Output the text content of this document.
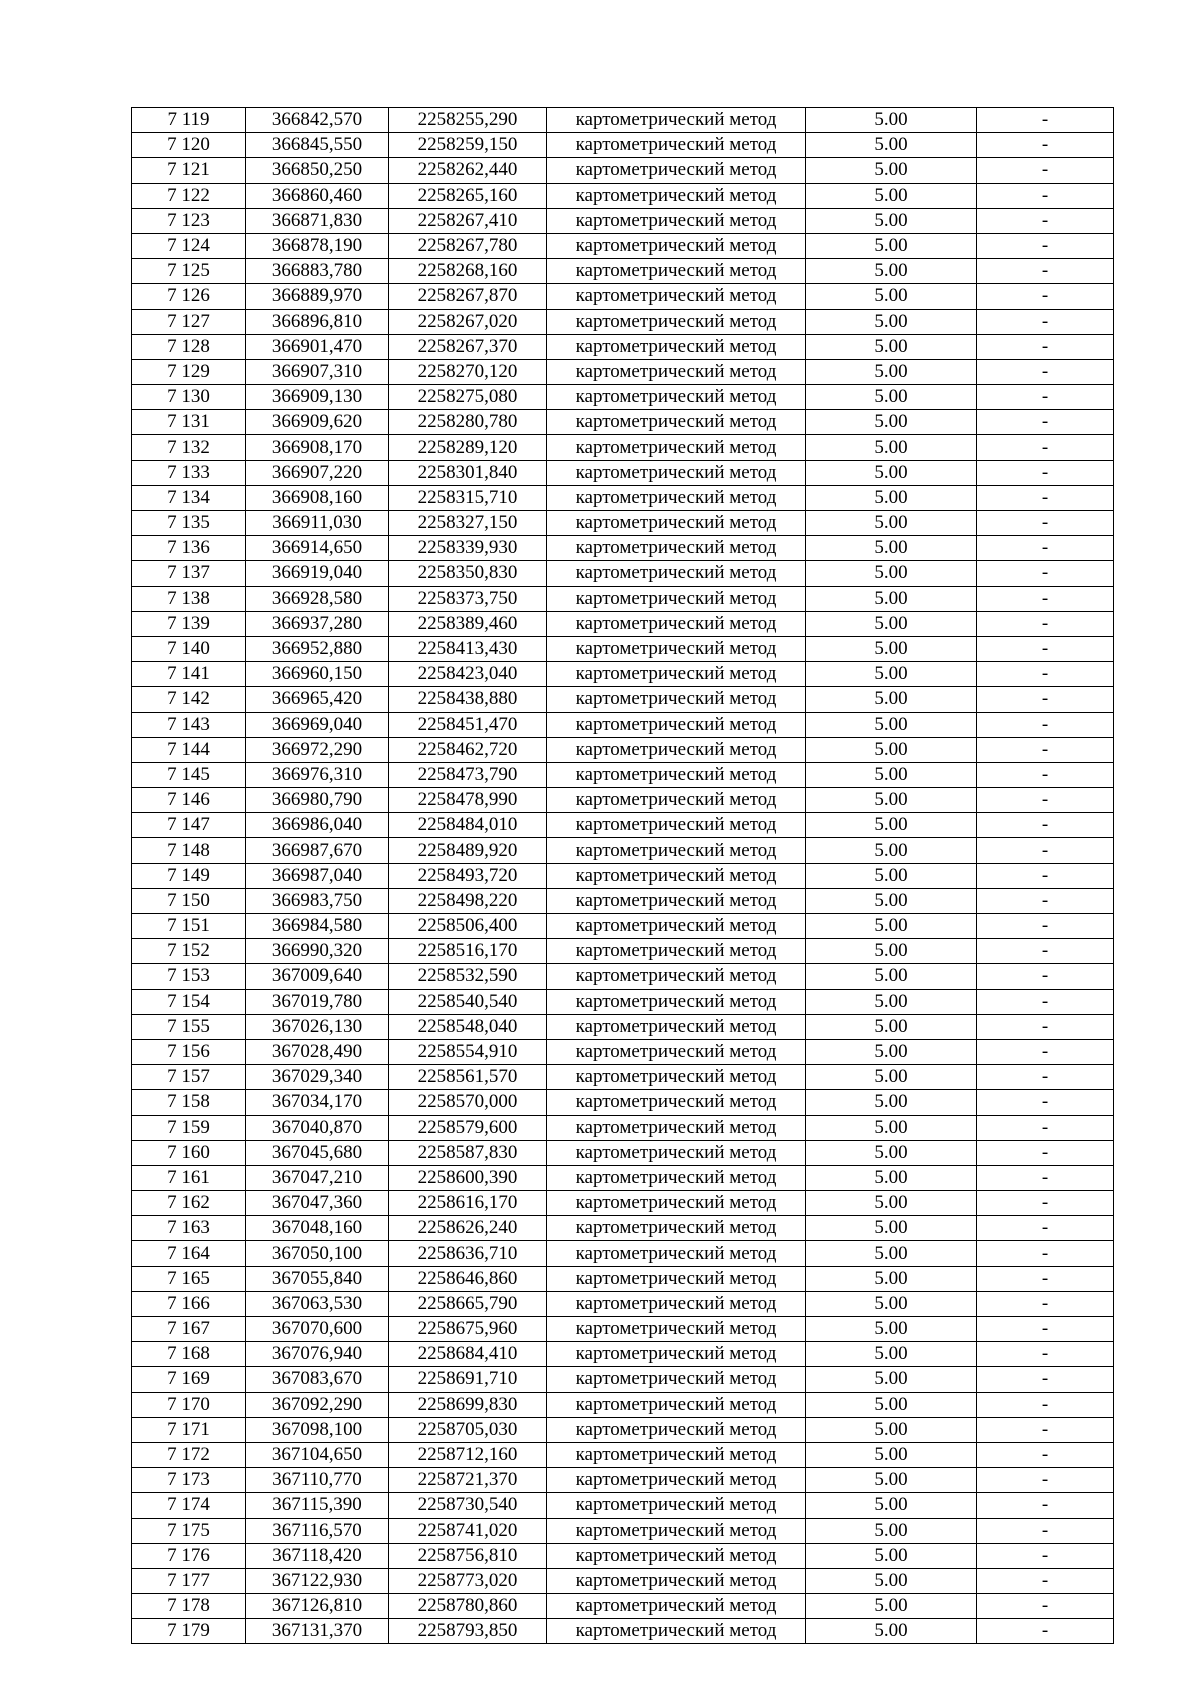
7 119	366842,570	2258255,290	картометрический метод	5.00	-
7 120	366845,550	2258259,150	картометрический метод	5.00	-
7 121	366850,250	2258262,440	картометрический метод	5.00	-
7 122	366860,460	2258265,160	картометрический метод	5.00	-
7 123	366871,830	2258267,410	картометрический метод	5.00	-
7 124	366878,190	2258267,780	картометрический метод	5.00	-
7 125	366883,780	2258268,160	картометрический метод	5.00	-
7 126	366889,970	2258267,870	картометрический метод	5.00	-
7 127	366896,810	2258267,020	картометрический метод	5.00	-
7 128	366901,470	2258267,370	картометрический метод	5.00	-
7 129	366907,310	2258270,120	картометрический метод	5.00	-
7 130	366909,130	2258275,080	картометрический метод	5.00	-
7 131	366909,620	2258280,780	картометрический метод	5.00	-
7 132	366908,170	2258289,120	картометрический метод	5.00	-
7 133	366907,220	2258301,840	картометрический метод	5.00	-
7 134	366908,160	2258315,710	картометрический метод	5.00	-
7 135	366911,030	2258327,150	картометрический метод	5.00	-
7 136	366914,650	2258339,930	картометрический метод	5.00	-
7 137	366919,040	2258350,830	картометрический метод	5.00	-
7 138	366928,580	2258373,750	картометрический метод	5.00	-
7 139	366937,280	2258389,460	картометрический метод	5.00	-
7 140	366952,880	2258413,430	картометрический метод	5.00	-
7 141	366960,150	2258423,040	картометрический метод	5.00	-
7 142	366965,420	2258438,880	картометрический метод	5.00	-
7 143	366969,040	2258451,470	картометрический метод	5.00	-
7 144	366972,290	2258462,720	картометрический метод	5.00	-
7 145	366976,310	2258473,790	картометрический метод	5.00	-
7 146	366980,790	2258478,990	картометрический метод	5.00	-
7 147	366986,040	2258484,010	картометрический метод	5.00	-
7 148	366987,670	2258489,920	картометрический метод	5.00	-
7 149	366987,040	2258493,720	картометрический метод	5.00	-
7 150	366983,750	2258498,220	картометрический метод	5.00	-
7 151	366984,580	2258506,400	картометрический метод	5.00	-
7 152	366990,320	2258516,170	картометрический метод	5.00	-
7 153	367009,640	2258532,590	картометрический метод	5.00	-
7 154	367019,780	2258540,540	картометрический метод	5.00	-
7 155	367026,130	2258548,040	картометрический метод	5.00	-
7 156	367028,490	2258554,910	картометрический метод	5.00	-
7 157	367029,340	2258561,570	картометрический метод	5.00	-
7 158	367034,170	2258570,000	картометрический метод	5.00	-
7 159	367040,870	2258579,600	картометрический метод	5.00	-
7 160	367045,680	2258587,830	картометрический метод	5.00	-
7 161	367047,210	2258600,390	картометрический метод	5.00	-
7 162	367047,360	2258616,170	картометрический метод	5.00	-
7 163	367048,160	2258626,240	картометрический метод	5.00	-
7 164	367050,100	2258636,710	картометрический метод	5.00	-
7 165	367055,840	2258646,860	картометрический метод	5.00	-
7 166	367063,530	2258665,790	картометрический метод	5.00	-
7 167	367070,600	2258675,960	картометрический метод	5.00	-
7 168	367076,940	2258684,410	картометрический метод	5.00	-
7 169	367083,670	2258691,710	картометрический метод	5.00	-
7 170	367092,290	2258699,830	картометрический метод	5.00	-
7 171	367098,100	2258705,030	картометрический метод	5.00	-
7 172	367104,650	2258712,160	картометрический метод	5.00	-
7 173	367110,770	2258721,370	картометрический метод	5.00	-
7 174	367115,390	2258730,540	картометрический метод	5.00	-
7 175	367116,570	2258741,020	картометрический метод	5.00	-
7 176	367118,420	2258756,810	картометрический метод	5.00	-
7 177	367122,930	2258773,020	картометрический метод	5.00	-
7 178	367126,810	2258780,860	картометрический метод	5.00	-
7 179	367131,370	2258793,850	картометрический метод	5.00	-
